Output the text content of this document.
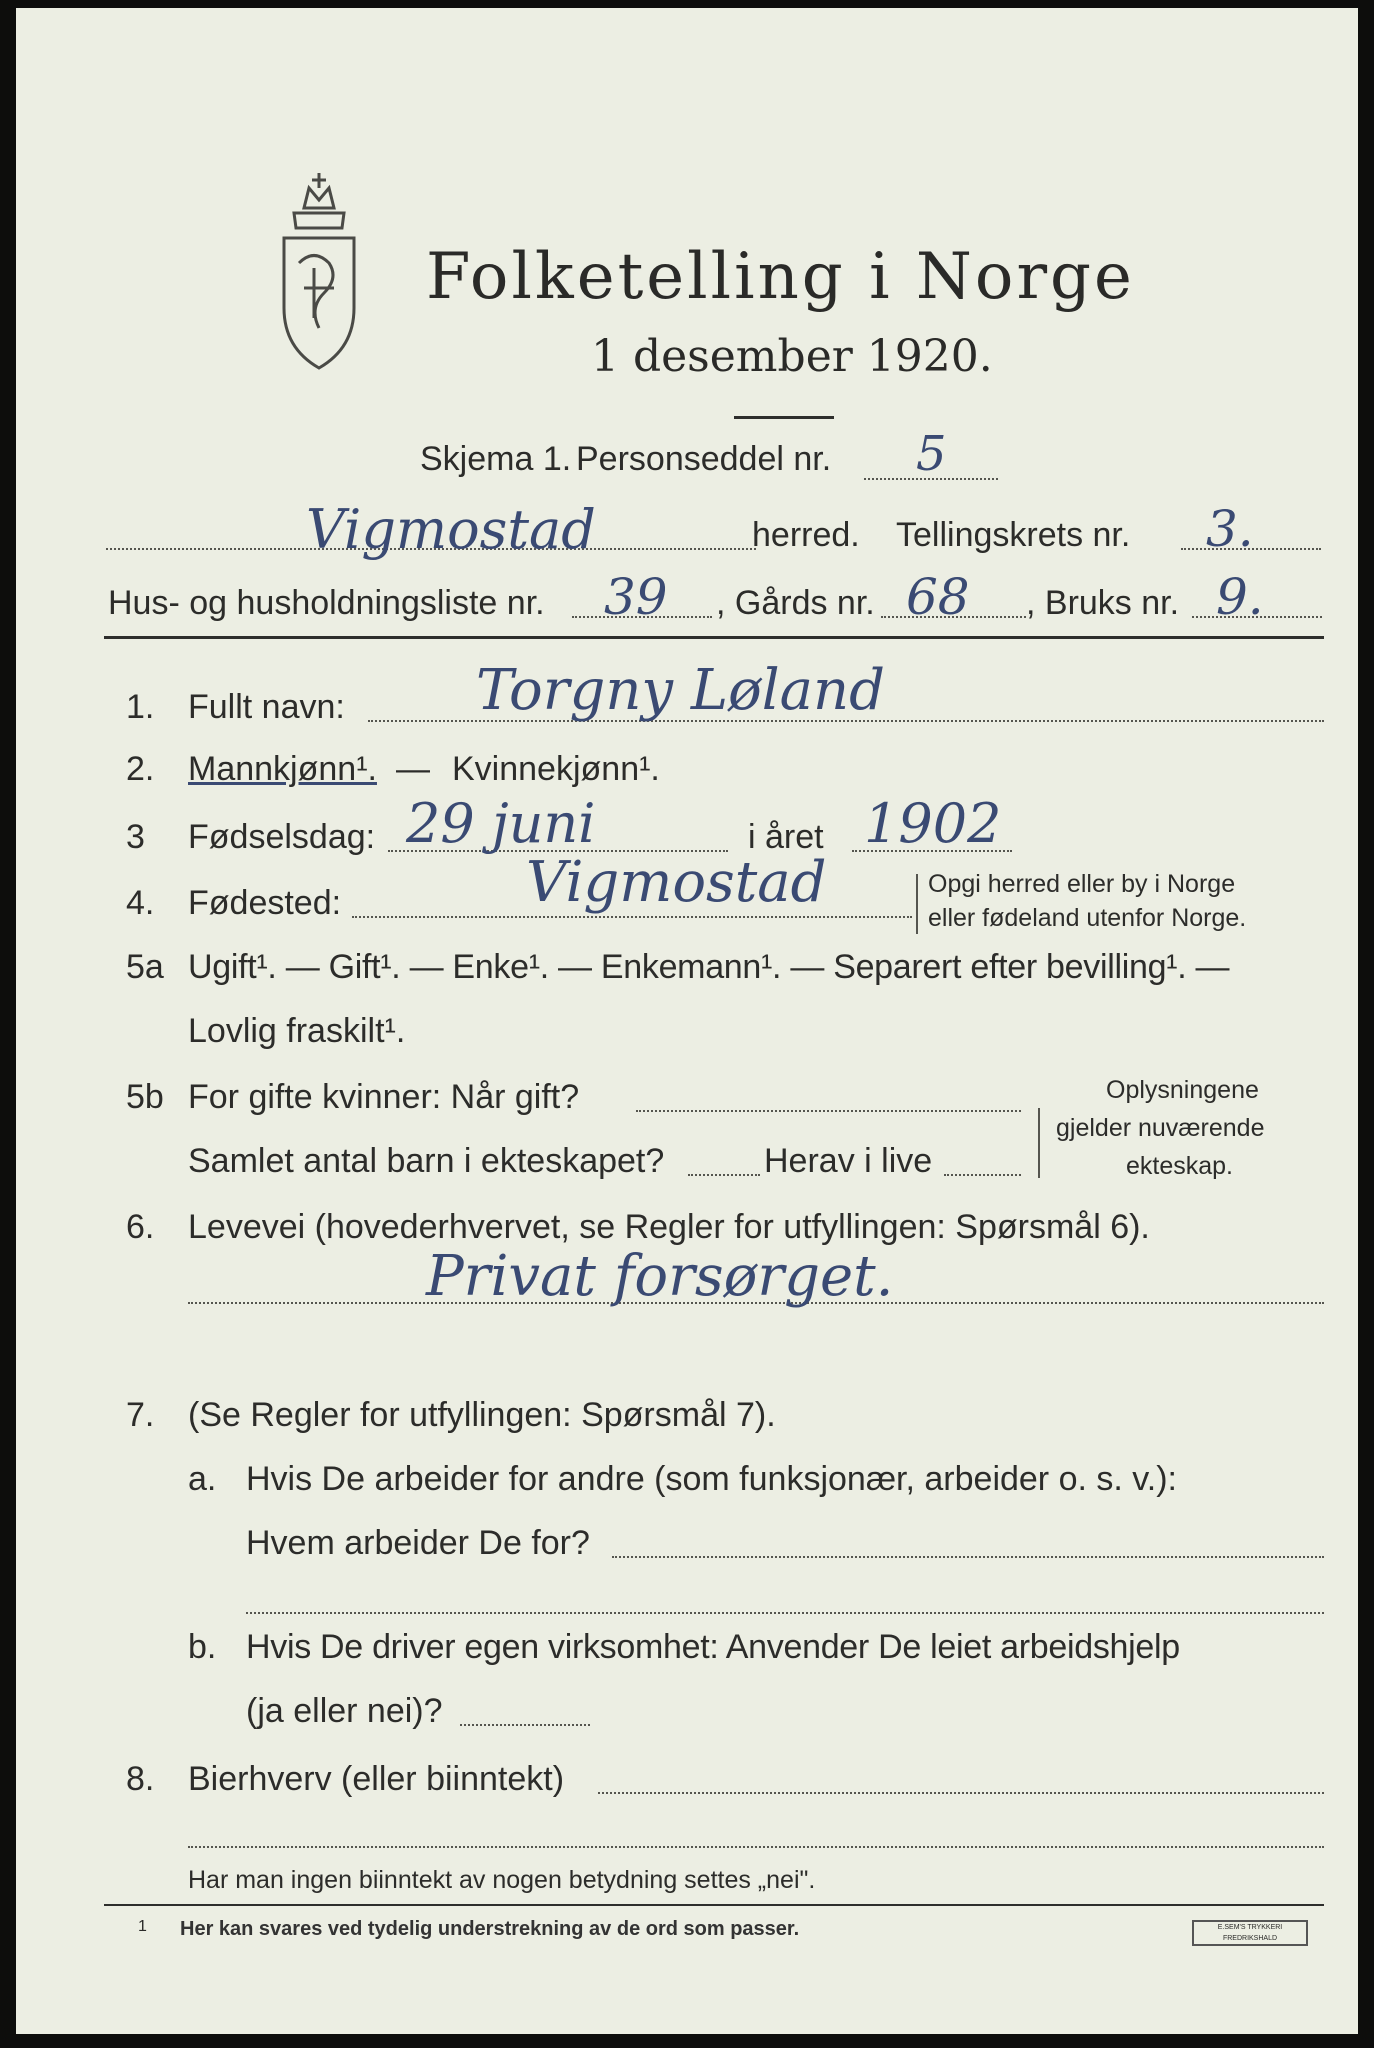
Folketelling i Norge
1 desember 1920.
Skjema 1. Personseddel nr. 5
Vigmostad	herred. Tellingskrets nr. 3.
Hus- og husholdningsliste nr. 39 , Gårds nr. 68 , Bruks nr. 9.
1. Fullt navn: Torgny Løland
2. Mannkjønn¹. — Kvinnekjønn¹.
3 Fødselsdag: 29 juni	i året 1902
4. Fødested:	Vigmostad	Opgi herred eller by i Norge
eller fødeland utenfor Norge.
5a Ugift¹. — Gift¹. — Enke¹. — Enkemann¹. — Separert efter bevilling¹. —
Lovlig fraskilt¹.
5b For gifte kvinner: Når gift?
Samlet antal barn i ekteskapet?	Herav i live
Oplysningene
gjelder nuværende
ekteskap.
6. Levevei (hovederhvervet, se Regler for utfyllingen: Spørsmål 6).
Privat forsørget.
7. (Se Regler for utfyllingen: Spørsmål 7).
a. Hvis De arbeider for andre (som funksjonær, arbeider o. s. v.):
Hvem arbeider De for?
b. Hvis De driver egen virksomhet: Anvender De leiet arbeidshjelp
(ja eller nei)?
8. Bierhverv (eller biinntekt)
Har man ingen biinntekt av nogen betydning settes „nei".
1 Her kan svares ved tydelig understrekning av de ord som passer.	E.SEM'S TRYKKERI FREDRIKSHALD
